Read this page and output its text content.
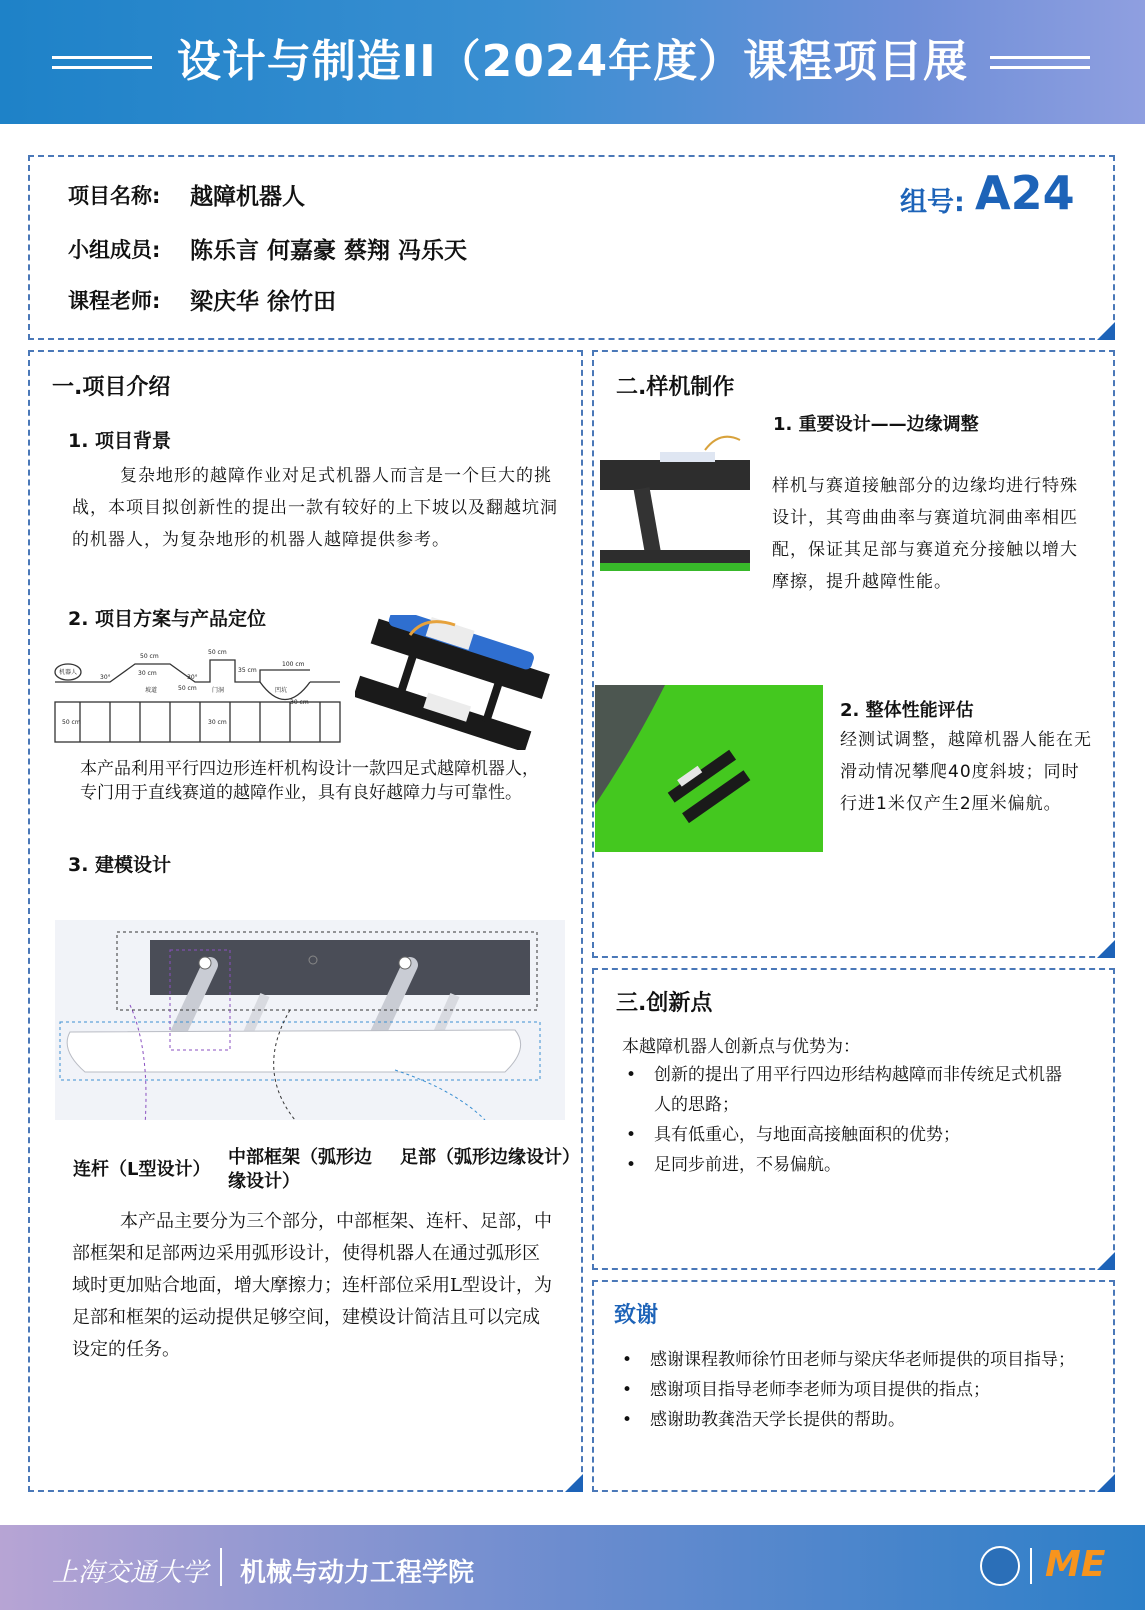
设计与制造II（2024年度）课程项目展
项目名称: 越障机器人
小组成员: 陈乐言 何嘉豪 蔡翔 冯乐天
课程老师: 梁庆华 徐竹田
组号: A24
一.项目介绍
1. 项目背景
复杂地形的越障作业对足式机器人而言是一个巨大的挑战，本项目拟创新性的提出一款有较好的上下坡以及翻越坑洞的机器人，为复杂地形的机器人越障提供参考。
2. 项目方案与产品定位
机器人
30°
50 cm
30 cm
30°
50 cm
坡道
50 cm
35 cm
门洞
100 cm
凹坑
30 cm
50 cm	30 cm
本产品利用平行四边形连杆机构设计一款四足式越障机器人，专门用于直线赛道的越障作业，具有良好越障力与可靠性。
3. 建模设计
连杆（L型设计）
中部框架（弧形边缘设计）
足部（弧形边缘设计）
本产品主要分为三个部分，中部框架、连杆、足部，中部框架和足部两边采用弧形设计，使得机器人在通过弧形区域时更加贴合地面，增大摩擦力；连杆部位采用L型设计，为足部和框架的运动提供足够空间，建模设计简洁且可以完成设定的任务。
二.样机制作
1. 重要设计——边缘调整
样机与赛道接触部分的边缘均进行特殊设计，其弯曲曲率与赛道坑洞曲率相匹配，保证其足部与赛道充分接触以增大摩擦，提升越障性能。
2. 整体性能评估
经测试调整，越障机器人能在无滑动情况攀爬40度斜坡；同时行进1米仅产生2厘米偏航。
三.创新点
本越障机器人创新点与优势为：
• 创新的提出了用平行四边形结构越障而非传统足式机器人的思路；
• 具有低重心，与地面高接触面积的优势；
• 足同步前进，不易偏航。
致谢
• 感谢课程教师徐竹田老师与梁庆华老师提供的项目指导；
• 感谢项目指导老师李老师为项目提供的指点；
• 感谢助教龚浩天学长提供的帮助。
上海交通大学 机械与动力工程学院	ME
